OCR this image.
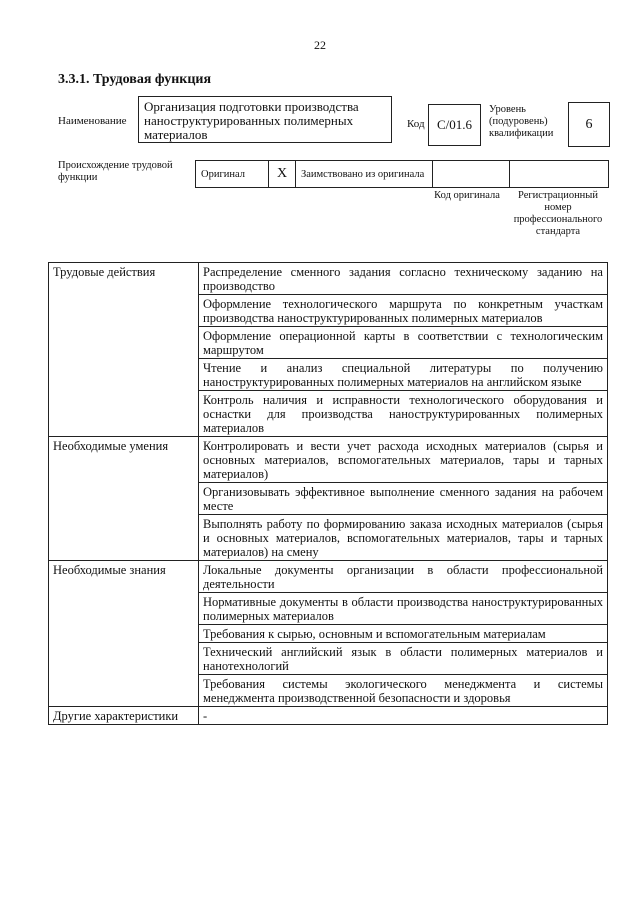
22
3.3.1. Трудовая функция
Наименование
Организация подготовки производства наноструктурированных полимерных материалов
Код С/01.6
Уровень (подуровень) квалификации
6
Происхождение трудовой функции	Оригинал	X	Заимствовано из оригинала		
Код оригинала	Регистрационный номер профессионального стандарта
Трудовые действия	Распределение сменного задания согласно техническому заданию на производство
	Оформление технологического маршрута по конкретным участкам производства наноструктурированных полимерных материалов
	Оформление операционной карты в соответствии с технологическим маршрутом
	Чтение и анализ специальной литературы по получению наноструктурированных полимерных материалов на английском языке
	Контроль наличия и исправности технологического оборудования и оснастки для производства наноструктурированных полимерных материалов
Необходимые умения	Контролировать и вести учет расхода исходных материалов (сырья и основных материалов, вспомогательных материалов, тары и тарных материалов)
	Организовывать эффективное выполнение сменного задания на рабочем месте
	Выполнять работу по формированию заказа исходных материалов (сырья и основных материалов, вспомогательных материалов, тары и тарных материалов) на смену
Необходимые знания	Локальные документы организации в области профессиональной деятельности
	Нормативные документы в области производства наноструктурированных полимерных материалов
	Требования к сырью, основным и вспомогательным материалам
	Технический английский язык в области полимерных материалов и нанотехнологий
	Требования системы экологического менеджмента и системы менеджмента производственной безопасности и здоровья
Другие характеристики	-
